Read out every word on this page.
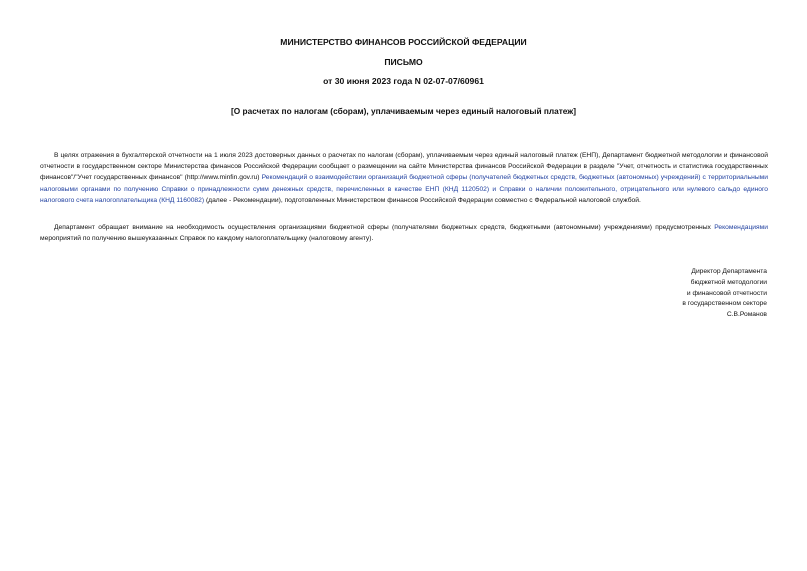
МИНИСТЕРСТВО ФИНАНСОВ РОССИЙСКОЙ ФЕДЕРАЦИИ
ПИСЬМО
от 30 июня 2023 года N 02-07-07/60961
[О расчетах по налогам (сборам), уплачиваемым через единый налоговый платеж]

В целях отражения в бухгалтерской отчетности на 1 июля 2023 достоверных данных о расчетах по налогам (сборам), уплачиваемым через единый налоговый платеж (ЕНП), Департамент бюджетной методологии и финансовой отчетности в государственном секторе Министерства финансов Российской Федерации сообщает о размещении на сайте Министерства финансов Российской Федерации в разделе "Учет, отчетность и статистика государственных финансов"/"Учет государственных финансов" (http://www.minfin.gov.ru) Рекомендаций о взаимодействии организаций бюджетной сферы (получателей бюджетных средств, бюджетных (автономных) учреждений) с территориальными налоговыми органами по получению Справки о принадлежности сумм денежных средств, перечисленных в качестве ЕНП (КНД 1120502) и Справки о наличии положительного, отрицательного или нулевого сальдо единого налогового счета налогоплательщика (КНД 1160082) (далее - Рекомендации), подготовленных Министерством финансов Российской Федерации совместно с Федеральной налоговой службой.

Департамент обращает внимание на необходимость осуществления организациями бюджетной сферы (получателями бюджетных средств, бюджетными (автономными) учреждениями) предусмотренных Рекомендациями мероприятий по получению вышеуказанных Справок по каждому налогоплательщику (налоговому агенту).

Директор Департамента
бюджетной методологии
и финансовой отчетности
в государственном секторе
С.В.Романов
